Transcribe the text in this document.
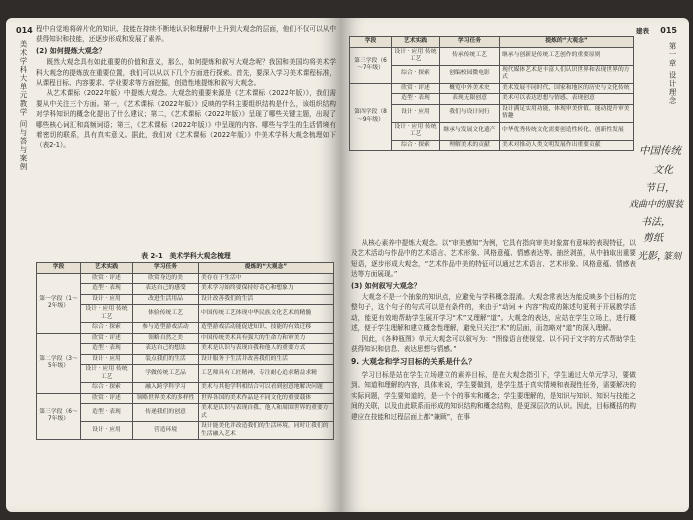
014
美术学科大单元教学 问与答与案例

程中自觉地将碎片化的知识、技能在持续不断地认识和理解中上升到大观念的层面，他们不仅可以从中获得知识和技能，还逐步形成和发展了素养。

(2) 如何提炼大观念？

既然大观念具有如此重要的价值和意义，那么，如何提炼和叙写大观念呢？我国和美国均将美术学科大观念的提炼放在重要位置，我们可以从以下几个方面进行探索。首先，要深入学习美术课程标准，从课程目标、内容要求、学业要求等方面挖掘，创造性地提炼和叙写大观念。

从艺术课标（2022年版）中提炼大观念。大观念的重要来源是《艺术课标（2022年版）》，我们需要从中关注三个方面。第一，《艺术课标（2022年版）》反映的学科主要组织结构是什么，该组织结构对学科知识的概念化提出了什么建议；第二，《艺术课标（2022年版）》呈现了哪些关键主题，出现了哪些核心词汇和高频词语；第三，《艺术课标（2022年版）》中呈现的内容、哪些与学生的生活情境有着密切的联系，具有真实意义。据此，我们对《艺术课标（2022年版）》中美术学科大观念梳理如下（表2-1）。

表 2-1　美术学科大观念梳理
学段	艺术实践	学习任务	提炼的“大观念”
第一学段（1～2年级）	欣赏 · 评述	欣赏身边的美	美存在于生活中
	造型 · 表现	表达自己的感受	美术学习始终要保持好奇心和想象力
	设计 · 应用	改进生活用品	设计改善我们的生活
	设计 · 应用 传统工艺	体验传统工艺	中国传统工艺体现中华民族文化艺术的精髓
	综合 · 探索	参与造型游戏活动	造型游戏活动能促进知识、技能的有效迁移
第二学段（3～5年级）	欣赏 · 评述	领略自然之美	中国传统美术具有强大的生命力和审美力
	造型 · 表现	表达自己的想法	美术是认识与表现自我和他人的重要方式
	设计 · 应用	装点我们的生活	设计服务于生活并改善我们的生活
	设计 · 应用 传统工艺	学做传统工艺品	工艺师具有工匠精神，专注耐心追求精益求精
	综合 · 探索	融入跨学科学习	美术与其他学科相结合可以看到创意地解决问题
第三学段（6～7年级）	欣赏 · 评述	领略世界美术的多样性	世界各国的美术作品是不同文化的重要载体
	造型 · 表现	传递我们的创意	美术是认识与表现自我、他人和周围世界的重要方式
	设计 · 应用	营造环境	设计能美化并改造我们的生活环境，同时让我们的生活融入艺术
015
建表
第一章 设计理念
学段	艺术实践	学习任务	提炼的“大观念”
第三学段（6～7年级）	设计 · 应用 传统工艺	传承传统工艺	继承与创新是传统工艺创作的重要原则
	综合 · 探索	创编校园微电影	现代媒体艺术是丰富人们认识世界和表现世界的方式
第四学段（8～9年级）	欣赏 · 评述	概览中外美术史	美术发展不同时代、国家和地区的历史与文化传统
	造型 · 表现	表现无限创意	美术可以表达思想与情感、表现创意
	设计 · 应用	我们与设计同行	设计满足实用功能，体现审美价值，能动提升审美情趣
	设计 · 应用 传统工艺	继承与发展文化遗产	中华优秀传统文化需要创造性转化、创新性发展
	综合 · 探索	理解美术的贡献	美术对推动人类文明发展作出重要贡献

从核心素养中提炼大观念。以“审美感知”为例，它具有指向审美对象富有意味的表现特征，以及艺术活动与作品中的艺术语言、艺术形象、风格意蕴、情感表达等。抽丝剥茧，从中抽取出重要短语，逐步形成大观念，“艺术作品中美的特征可以通过艺术语言、艺术形象、风格意蕴、情感表达等方面展现。”

(3) 如何叙写大观念？

大观念不是一个抽象的知识点，应避免与学科概念混淆。大观念常表达为能反映多个目标的完整句子，这个句子的句式可以是有条件的，来由于“动词 + 内容”构成的陈述句更利于开展教学活动，能更有效地帮助学生展开学习“术”又理解“道”。大观念的表达，应站在学生立场上，进行概述，便于学生理解和建立概念性理解，避免只关注“术”的层面，而忽略对“道”的深入理解。

因此，《各种瓶图》单元大观念可以叙写为：“图像语言使视觉、以不同于文字的方式帮助学生获得知识和信息、表达思想与情感。”

9. 大观念和学习目标的关系是什么？

学习目标是站在学生立场建立的素养目标，是在大观念指引下，学生通过大单元学习，要做到、知道和理解的内容，具体来说，学生要做到，是学生基于真实情境和表现性任务，需要解决的实际问题，学生要知道的，是一个个的事实和概念；学生要理解的，是知识与知识、知识与技能之间的关联，以及由此联系而形成的知识结构和概念结构，是更深层次的认识。因此，目标概括的构建应在技能和过程层面上都“兼顾”，在事

中国传统
文化
节日，
戏曲中的服装
书法，
剪纸
光影，
篆刻
